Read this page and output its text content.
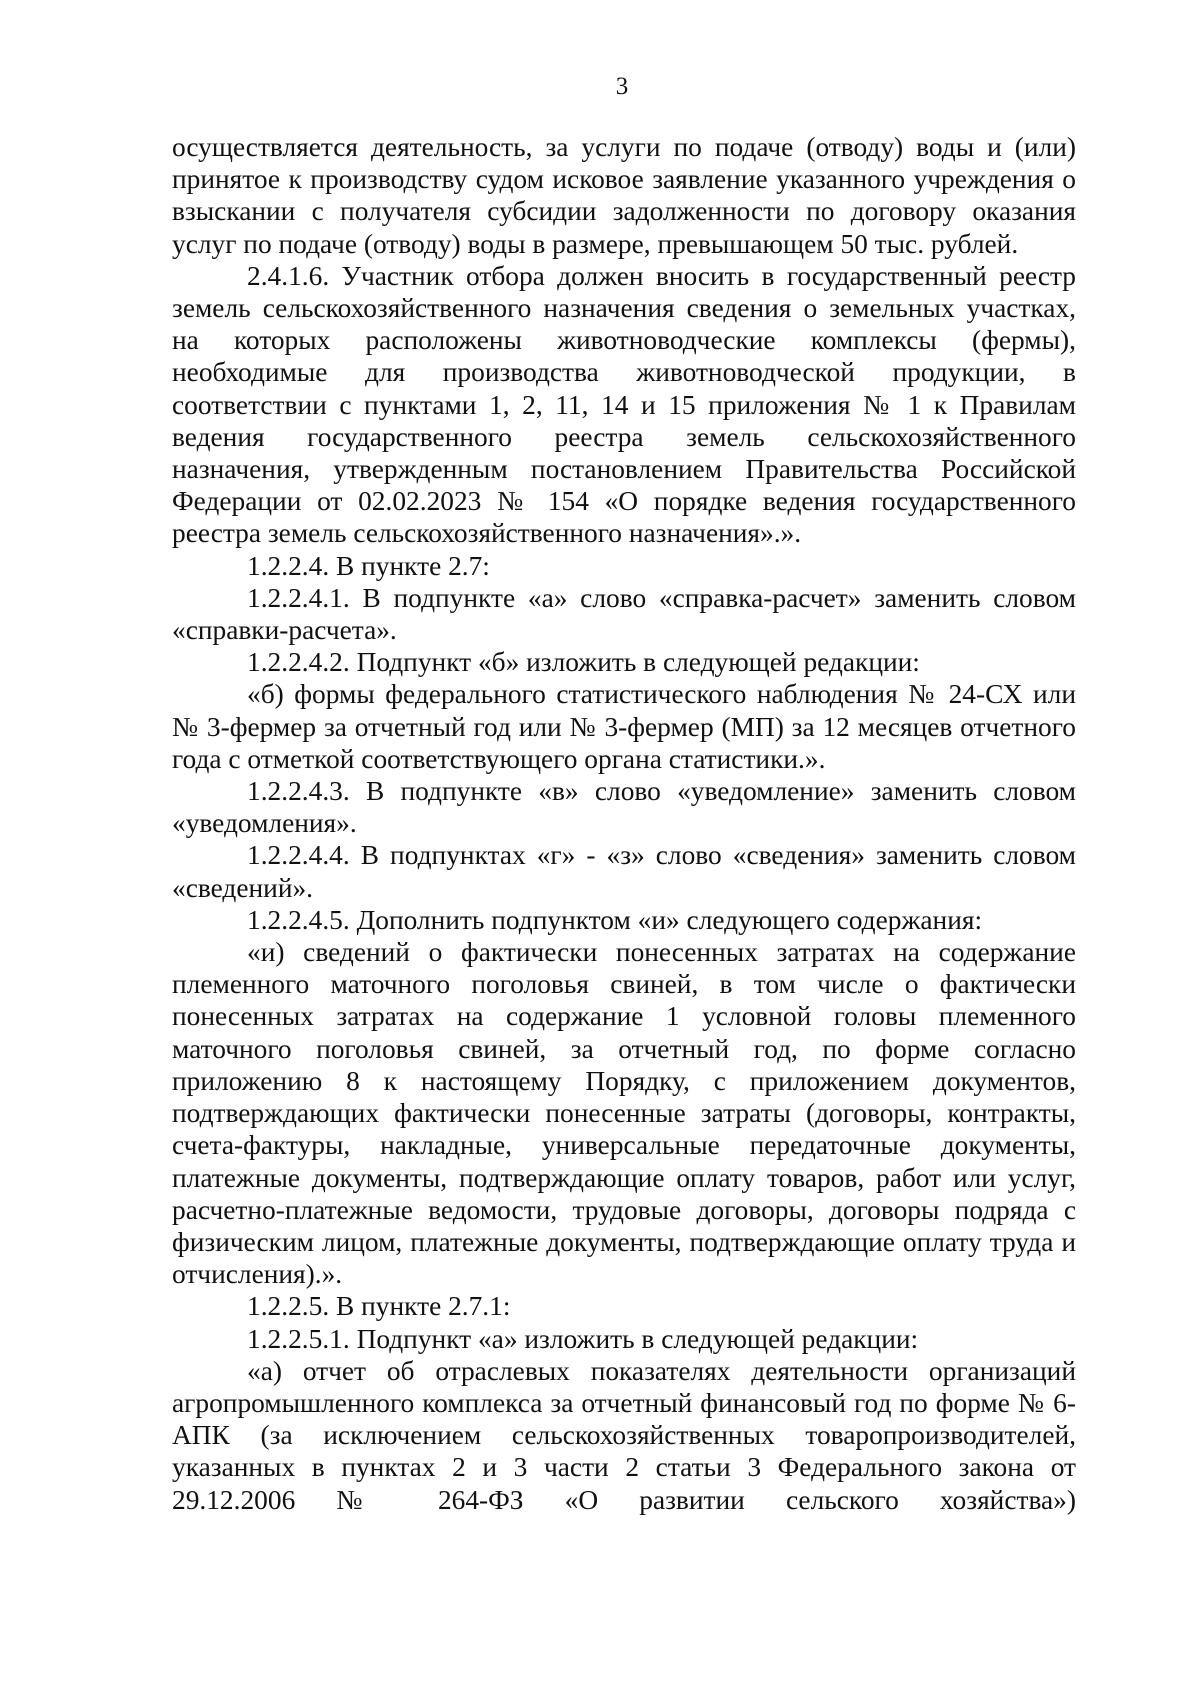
3

осуществляется деятельность, за услуги по подаче (отводу) воды и (или) принятое к производству судом исковое заявление указанного учреждения о взыскании с получателя субсидии задолженности по договору оказания услуг по подаче (отводу) воды в размере, превышающем 50 тыс. рублей.

2.4.1.6. Участник отбора должен вносить в государственный реестр земель сельскохозяйственного назначения сведения о земельных участках, на которых расположены животноводческие комплексы (фермы), необходимые для производства животноводческой продукции, в соответствии с пунктами 1, 2, 11, 14 и 15 приложения № 1 к Правилам ведения государственного реестра земель сельскохозяйственного назначения, утвержденным постановлением Правительства Российской Федерации от 02.02.2023 № 154 «О порядке ведения государственного реестра земель сельскохозяйственного назначения».».

1.2.2.4. В пункте 2.7:

1.2.2.4.1. В подпункте «а» слово «справка-расчет» заменить словом «справки-расчета».

1.2.2.4.2. Подпункт «б» изложить в следующей редакции:

«б) формы федерального статистического наблюдения № 24-СХ или № 3-фермер за отчетный год или № 3-фермер (МП) за 12 месяцев отчетного года с отметкой соответствующего органа статистики.».

1.2.2.4.3. В подпункте «в» слово «уведомление» заменить словом «уведомления».

1.2.2.4.4. В подпунктах «г» - «з» слово «сведения» заменить словом «сведений».

1.2.2.4.5. Дополнить подпунктом «и» следующего содержания:

«и) сведений о фактически понесенных затратах на содержание племенного маточного поголовья свиней, в том числе о фактически понесенных затратах на содержание 1 условной головы племенного маточного поголовья свиней, за отчетный год, по форме согласно приложению 8 к настоящему Порядку, с приложением документов, подтверждающих фактически понесенные затраты (договоры, контракты, счета-фактуры, накладные, универсальные передаточные документы, платежные документы, подтверждающие оплату товаров, работ или услуг, расчетно-платежные ведомости, трудовые договоры, договоры подряда с физическим лицом, платежные документы, подтверждающие оплату труда и отчисления).».

1.2.2.5. В пункте 2.7.1:

1.2.2.5.1. Подпункт «а» изложить в следующей редакции:

«а) отчет об отраслевых показателях деятельности организаций агропромышленного комплекса за отчетный финансовый год по форме № 6-АПК (за исключением сельскохозяйственных товаропроизводителей, указанных в пунктах 2 и 3 части 2 статьи 3 Федерального закона от 29.12.2006 № 264-ФЗ «О развитии сельского хозяйства»)
